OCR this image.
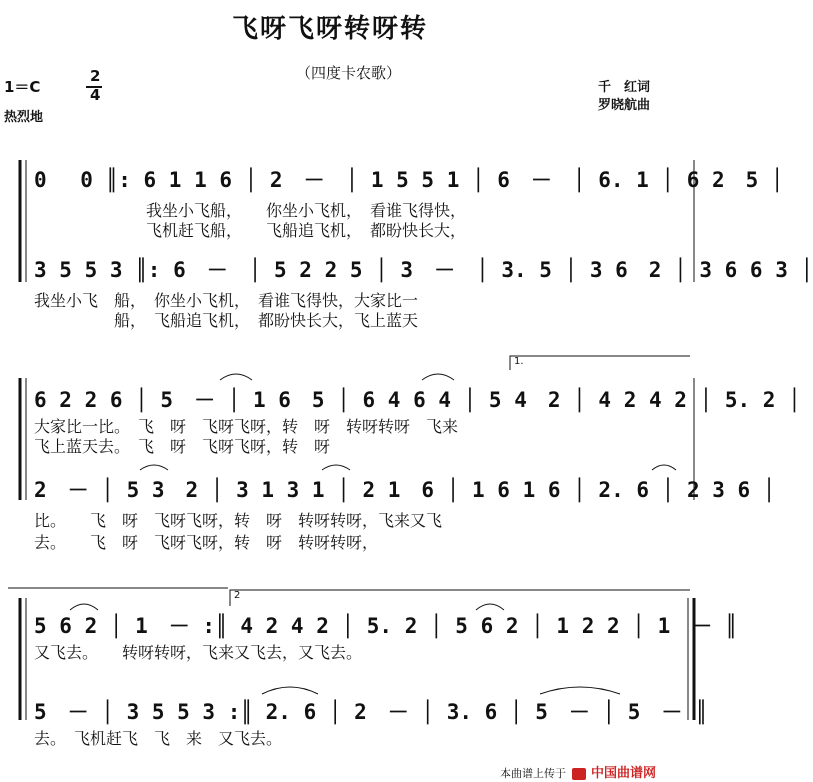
飞呀飞呀转呀转
（四度卡农歌）
1＝C
2
4
热烈地
千　红词
罗晓航曲
0　 0 ║: 6 1 1 6 │ 2　－　│ 1 5 5 1 │ 6　－　│ 6. 1 │ 6 2　5 │
我坐小飞船，　　你坐小飞机，　看谁飞得快，
飞机赶飞船，　　飞船追飞机，　都盼快长大，
3 5 5 3 ║: 6　－　│ 5 2 2 5 │ 3　－　│ 3. 5 │ 3 6　2 │ 3 6 6 3 │
我坐小飞　船，　你坐小飞机，　看谁飞得快，大家比一
　　　　　船，　飞船追飞机，　都盼快长大，飞上蓝天
1.
6 2 2 6 │ 5　－ │ 1 6　5 │ 6 4 6 4 │ 5 4　2 │ 4 2 4 2 │ 5. 2 │
大家比一比。　飞　呀　飞呀飞呀，转　呀　转呀转呀　飞来
飞上蓝天去。　飞　呀　飞呀飞呀，转　呀
2　－ │ 5 3　2 │ 3 1 3 1 │ 2 1　6 │ 1 6 1 6 │ 2. 6 │ 2 3 6 │
比。　　飞　呀　飞呀飞呀，转　呀　转呀转呀，飞来又飞
去。　　飞　呀　飞呀飞呀，转　呀　转呀转呀，
2
5 6 2 │ 1　－ :║ 4 2 4 2 │ 5. 2 │ 5 6 2 │ 1 2 2 │ 1　－ ║
又飞去。　　转呀转呀，飞来又飞去，又飞去。
5　－ │ 3 5 5 3 :║ 2. 6 │ 2　－ │ 3. 6 │ 5　－ │ 5　－ ║
去。　飞机赶飞　飞　来　又飞去。
本曲谱上传于 中国曲谱网
